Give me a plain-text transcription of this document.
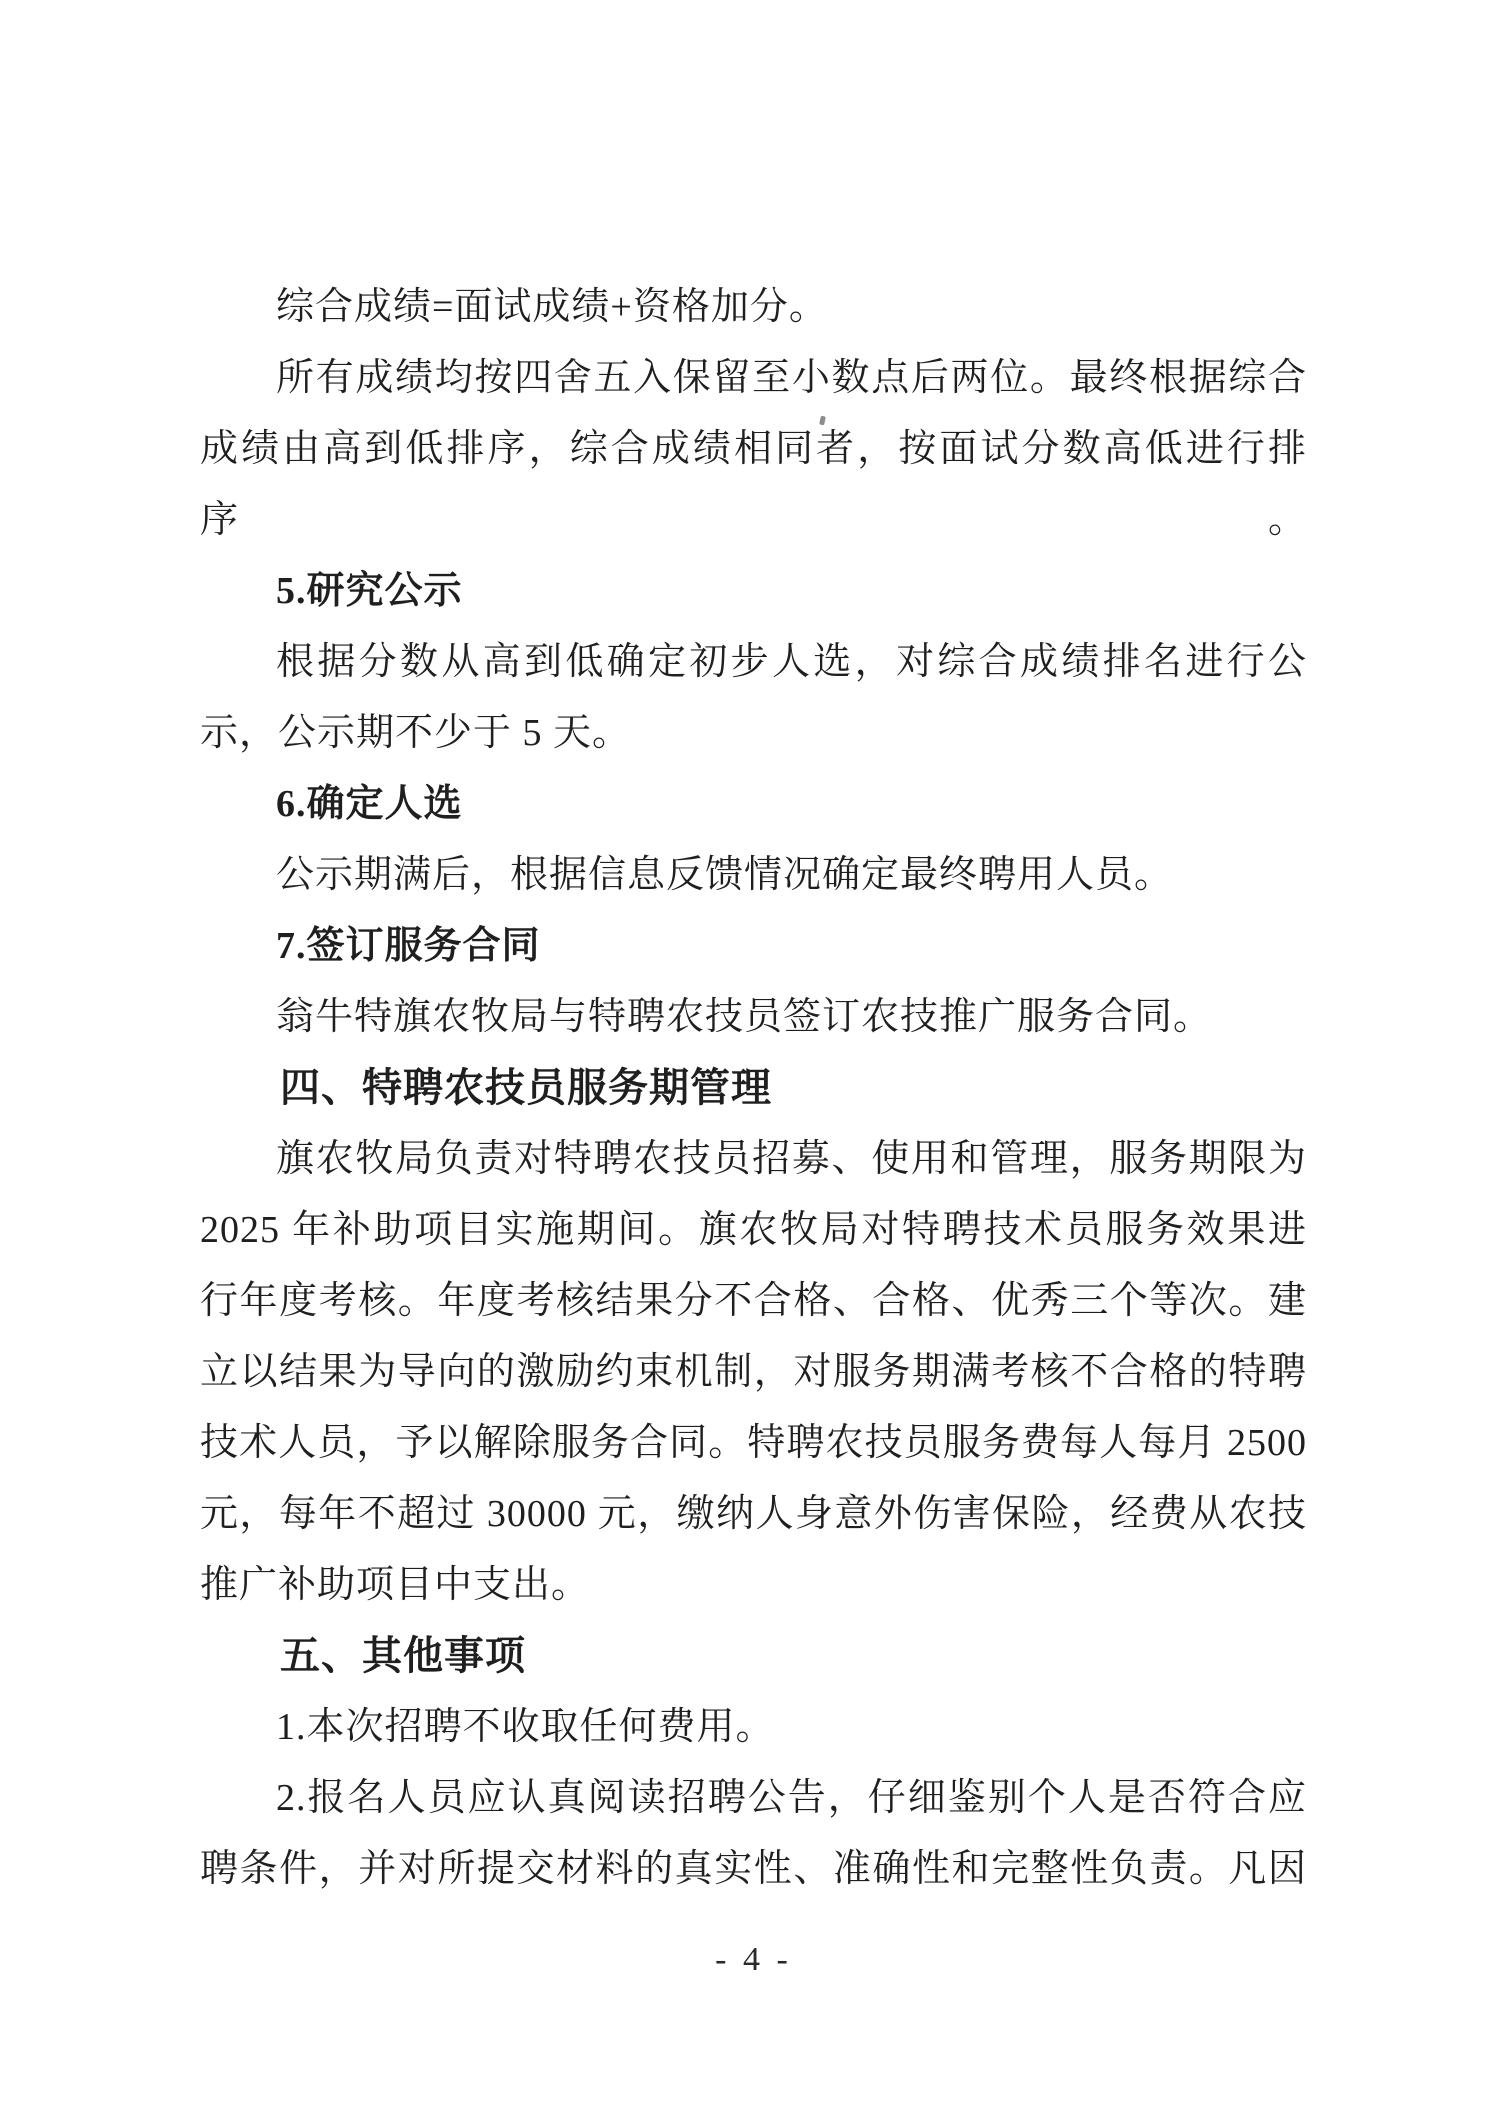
综合成绩=面试成绩+资格加分。
所有成绩均按四舍五入保留至小数点后两位。最终根据综合
成绩由高到低排序，综合成绩相同者，按面试分数高低进行排序。
5.研究公示
根据分数从高到低确定初步人选，对综合成绩排名进行公
示，公示期不少于 5 天。
6.确定人选
公示期满后，根据信息反馈情况确定最终聘用人员。
7.签订服务合同
翁牛特旗农牧局与特聘农技员签订农技推广服务合同。
四、特聘农技员服务期管理
旗农牧局负责对特聘农技员招募、使用和管理，服务期限为
2025 年补助项目实施期间。旗农牧局对特聘技术员服务效果进
行年度考核。年度考核结果分不合格、合格、优秀三个等次。建
立以结果为导向的激励约束机制，对服务期满考核不合格的特聘
技术人员，予以解除服务合同。特聘农技员服务费每人每月 2500
元，每年不超过 30000 元，缴纳人身意外伤害保险，经费从农技
推广补助项目中支出。
五、其他事项
1.本次招聘不收取任何费用。
2.报名人员应认真阅读招聘公告，仔细鉴别个人是否符合应
聘条件，并对所提交材料的真实性、准确性和完整性负责。凡因
- 4 -
